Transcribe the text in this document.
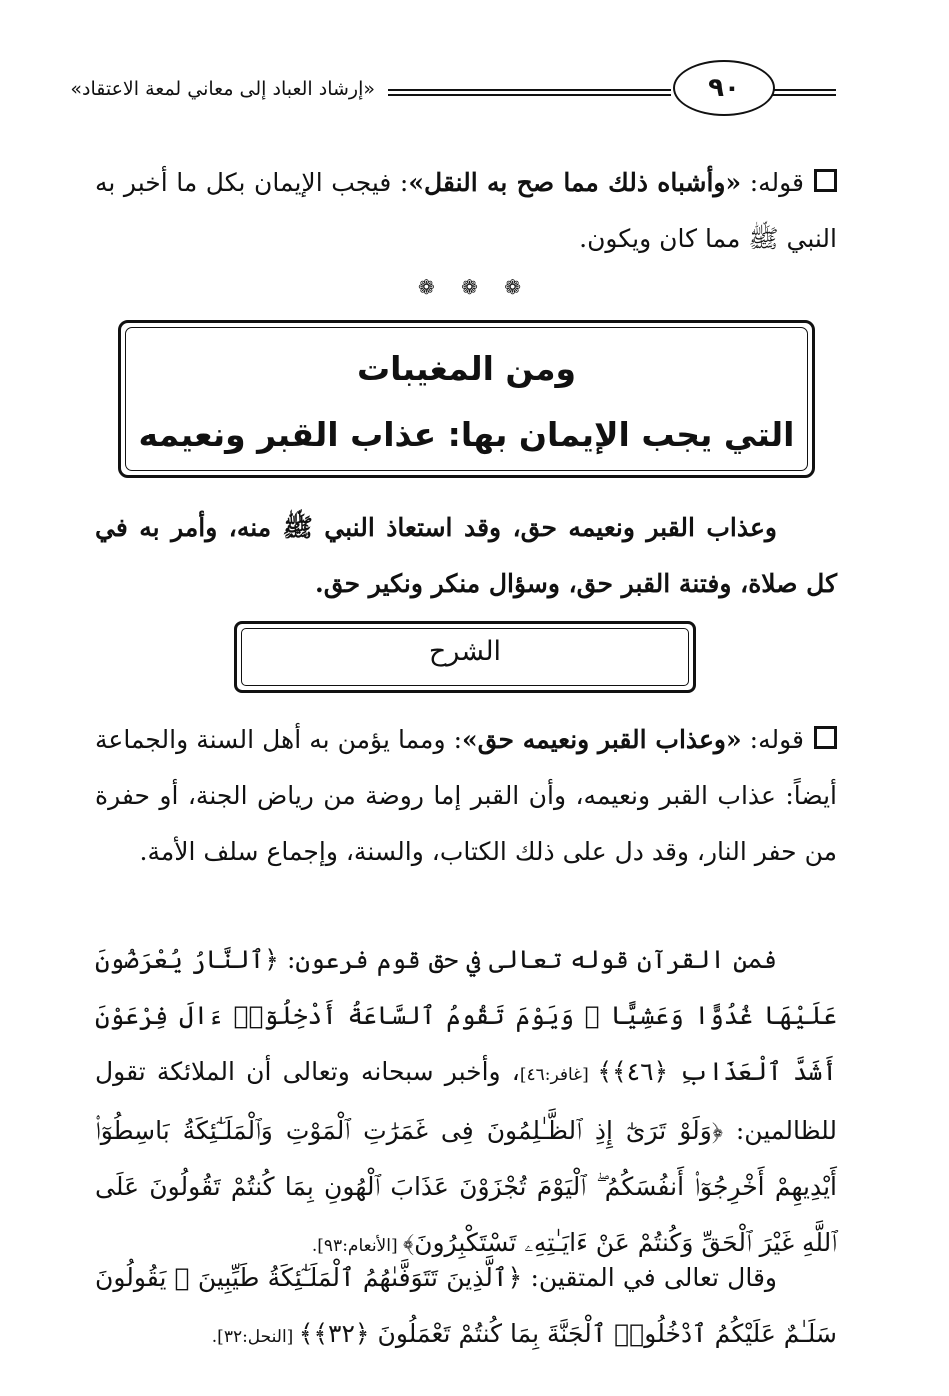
«إرشاد العباد إلى معاني لمعة الاعتقاد»	٩٠
قوله: «وأشباه ذلك مما صح به النقل»: فيجب الإيمان بكل ما أخبر به النبي ﷺ مما كان ويكون.
❁ ❁ ❁
ومن المغيبات
التي يجب الإيمان بها: عذاب القبر ونعيمه
وعذاب القبر ونعيمه حق، وقد استعاذ النبي ﷺ منه، وأمر به في كل صلاة، وفتنة القبر حق، وسؤال منكر ونكير حق.
الشرح
قوله: «وعذاب القبر ونعيمه حق»: ومما يؤمن به أهل السنة والجماعة أيضاً: عذاب القبر ونعيمه، وأن القبر إما روضة من رياض الجنة، أو حفرة من حفر النار، وقد دل على ذلك الكتاب، والسنة، وإجماع سلف الأمة.
فمن القرآن قوله تعالى في حق قوم فرعون: ﴿ٱلنَّارُ يُعْرَضُونَ عَلَيْهَا غُدُوًّا وَعَشِيًّا ۖ وَيَوْمَ تَقُومُ ٱلسَّاعَةُ أَدْخِلُوٓا۟ ءَالَ فِرْعَوْنَ أَشَدَّ ٱلْعَذَابِ ﴿٤٦﴾﴾ [غافر:٤٦]، وأخبر سبحانه وتعالى أن الملائكة تقول للظالمين: ﴿وَلَوْ تَرَىٰٓ إِذِ ٱلظَّـٰلِمُونَ فِى غَمَرَٰتِ ٱلْمَوْتِ وَٱلْمَلَـٰٓئِكَةُ بَاسِطُوٓا۟ أَيْدِيهِمْ أَخْرِجُوٓا۟ أَنفُسَكُمُ ۖ ٱلْيَوْمَ تُجْزَوْنَ عَذَابَ ٱلْهُونِ بِمَا كُنتُمْ تَقُولُونَ عَلَى ٱللَّهِ غَيْرَ ٱلْحَقِّ وَكُنتُمْ عَنْ ءَايَـٰتِهِۦ تَسْتَكْبِرُونَ﴾ [الأنعام:٩٣].
وقال تعالى في المتقين: ﴿ٱلَّذِينَ تَتَوَفَّىٰهُمُ ٱلْمَلَـٰٓئِكَةُ طَيِّبِينَ ۙ يَقُولُونَ سَلَـٰمٌ عَلَيْكُمُ ٱدْخُلُوا۟ ٱلْجَنَّةَ بِمَا كُنتُمْ تَعْمَلُونَ ﴿٣٢﴾﴾ [النحل:٣٢].
